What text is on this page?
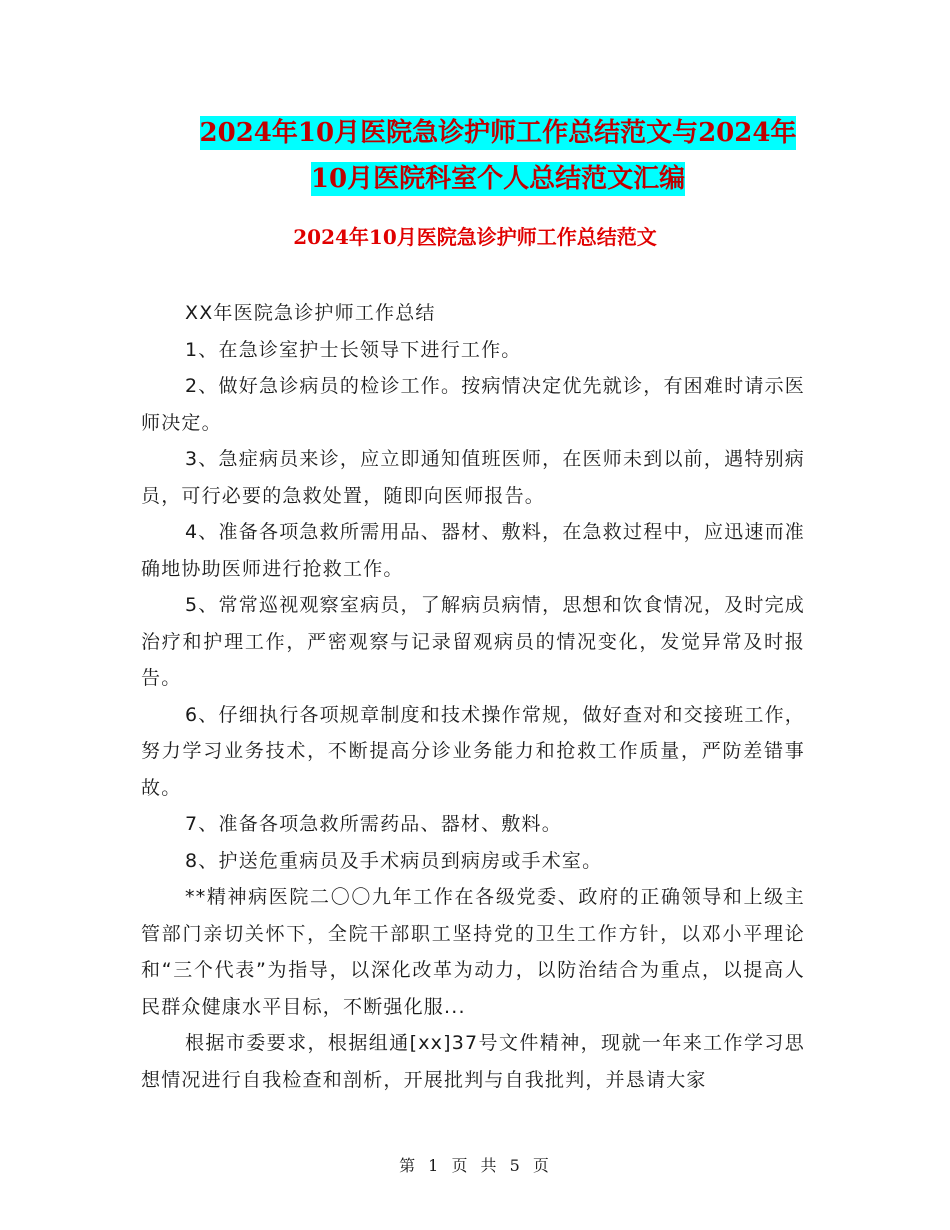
2024年10月医院急诊护师工作总结范文与2024年10月医院科室个人总结范文汇编
2024年10月医院急诊护师工作总结范文

XX年医院急诊护师工作总结

1、在急诊室护士长领导下进行工作。

2、做好急诊病员的检诊工作。按病情决定优先就诊，有困难时请示医师决定。

3、急症病员来诊，应立即通知值班医师，在医师未到以前，遇特别病员，可行必要的急救处置，随即向医师报告。

4、准备各项急救所需用品、器材、敷料，在急救过程中，应迅速而准确地协助医师进行抢救工作。

5、常常巡视观察室病员，了解病员病情，思想和饮食情况，及时完成治疗和护理工作，严密观察与记录留观病员的情况变化，发觉异常及时报告。

6、仔细执行各项规章制度和技术操作常规，做好查对和交接班工作，努力学习业务技术，不断提高分诊业务能力和抢救工作质量，严防差错事故。

7、准备各项急救所需药品、器材、敷料。

8、护送危重病员及手术病员到病房或手术室。

**精神病医院二〇〇九年工作在各级党委、政府的正确领导和上级主管部门亲切关怀下，全院干部职工坚持党的卫生工作方针，以邓小平理论和“三个代表”为指导，以深化改革为动力，以防治结合为重点，以提高人民群众健康水平目标，不断强化服...

根据市委要求，根据组通[xx]37号文件精神，现就一年来工作学习思想情况进行自我检查和剖析，开展批判与自我批判，并恳请大家

第 1 页 共 5 页
